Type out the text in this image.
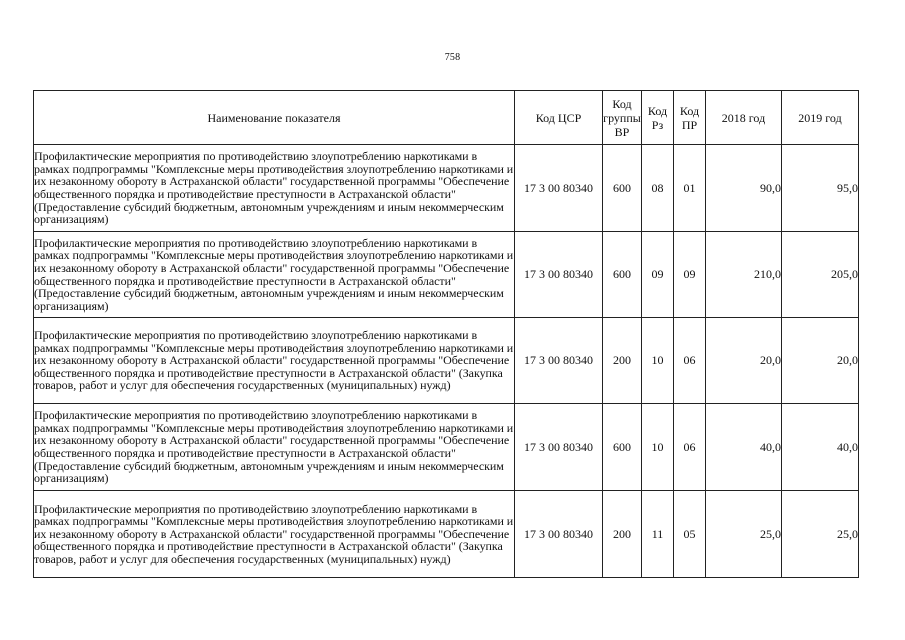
758
Наименование показателя	Код ЦСР	Код группы ВР	Код Рз	Код ПР	2018 год	2019 год
Профилактические мероприятия по противодействию злоупотреблению наркотиками в рамках подпрограммы "Комплексные меры противодействия злоупотреблению наркотиками и их незаконному обороту в Астраханской области" государственной программы "Обеспечение общественного порядка и противодействие преступности в Астраханской области" (Предоставление субсидий бюджетным, автономным учреждениям и иным некоммерческим организациям)	17 3 00 80340	600	08	01	90,0	95,0
Профилактические мероприятия по противодействию злоупотреблению наркотиками в рамках подпрограммы "Комплексные меры противодействия злоупотреблению наркотиками и их незаконному обороту в Астраханской области" государственной программы "Обеспечение общественного порядка и противодействие преступности в Астраханской области" (Предоставление субсидий бюджетным, автономным учреждениям и иным некоммерческим организациям)	17 3 00 80340	600	09	09	210,0	205,0
Профилактические мероприятия по противодействию злоупотреблению наркотиками в рамках подпрограммы "Комплексные меры противодействия злоупотреблению наркотиками и их незаконному обороту в Астраханской области" государственной программы "Обеспечение общественного порядка и противодействие преступности в Астраханской области" (Закупка товаров, работ и услуг для обеспечения государственных (муниципальных) нужд)	17 3 00 80340	200	10	06	20,0	20,0
Профилактические мероприятия по противодействию злоупотреблению наркотиками в рамках подпрограммы "Комплексные меры противодействия злоупотреблению наркотиками и их незаконному обороту в Астраханской области" государственной программы "Обеспечение общественного порядка и противодействие преступности в Астраханской области" (Предоставление субсидий бюджетным, автономным учреждениям и иным некоммерческим организациям)	17 3 00 80340	600	10	06	40,0	40,0
Профилактические мероприятия по противодействию злоупотреблению наркотиками в рамках подпрограммы "Комплексные меры противодействия злоупотреблению наркотиками и их незаконному обороту в Астраханской области" государственной программы "Обеспечение общественного порядка и противодействие преступности в Астраханской области" (Закупка товаров, работ и услуг для обеспечения государственных (муниципальных) нужд)	17 3 00 80340	200	11	05	25,0	25,0
